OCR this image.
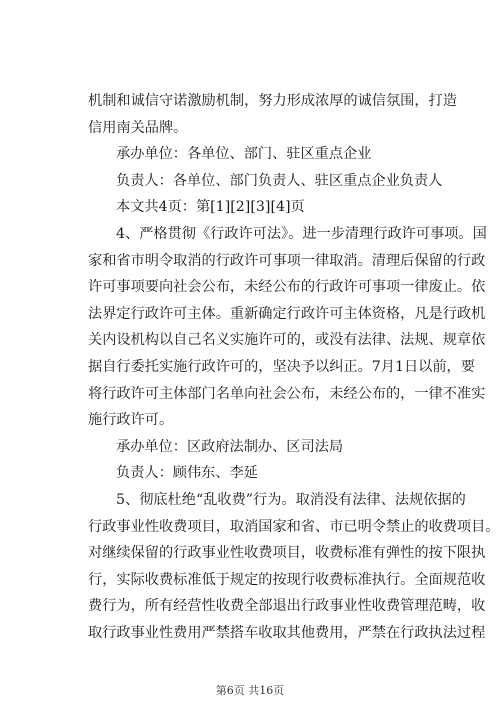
机制和诚信守诺激励机制，努力形成浓厚的诚信氛围，打造
信用南关品牌。
承办单位：各单位、部门、驻区重点企业
负责人：各单位、部门负责人、驻区重点企业负责人
本文共4页：第[1][2][3][4]页
4、严格贯彻《行政许可法》。进一步清理行政许可事项。国
家和省市明令取消的行政许可事项一律取消。清理后保留的行政
许可事项要向社会公布，未经公布的行政许可事项一律废止。依
法界定行政许可主体。重新确定行政许可主体资格，凡是行政机
关内设机构以自己名义实施许可的，或没有法律、法规、规章依
据自行委托实施行政许可的，坚决予以纠正。7月1日以前，要
将行政许可主体部门名单向社会公布，未经公布的，一律不准实
施行政许可。
承办单位：区政府法制办、区司法局
负责人：顾伟东、李延
5、彻底杜绝“乱收费”行为。取消没有法律、法规依据的
行政事业性收费项目，取消国家和省、市已明令禁止的收费项目。
对继续保留的行政事业性收费项目，收费标准有弹性的按下限执
行，实际收费标准低于规定的按现行收费标准执行。全面规范收
费行为，所有经营性收费全部退出行政事业性收费管理范畴，收
取行政事业性费用严禁搭车收取其他费用，严禁在行政执法过程
第6页 共16页
